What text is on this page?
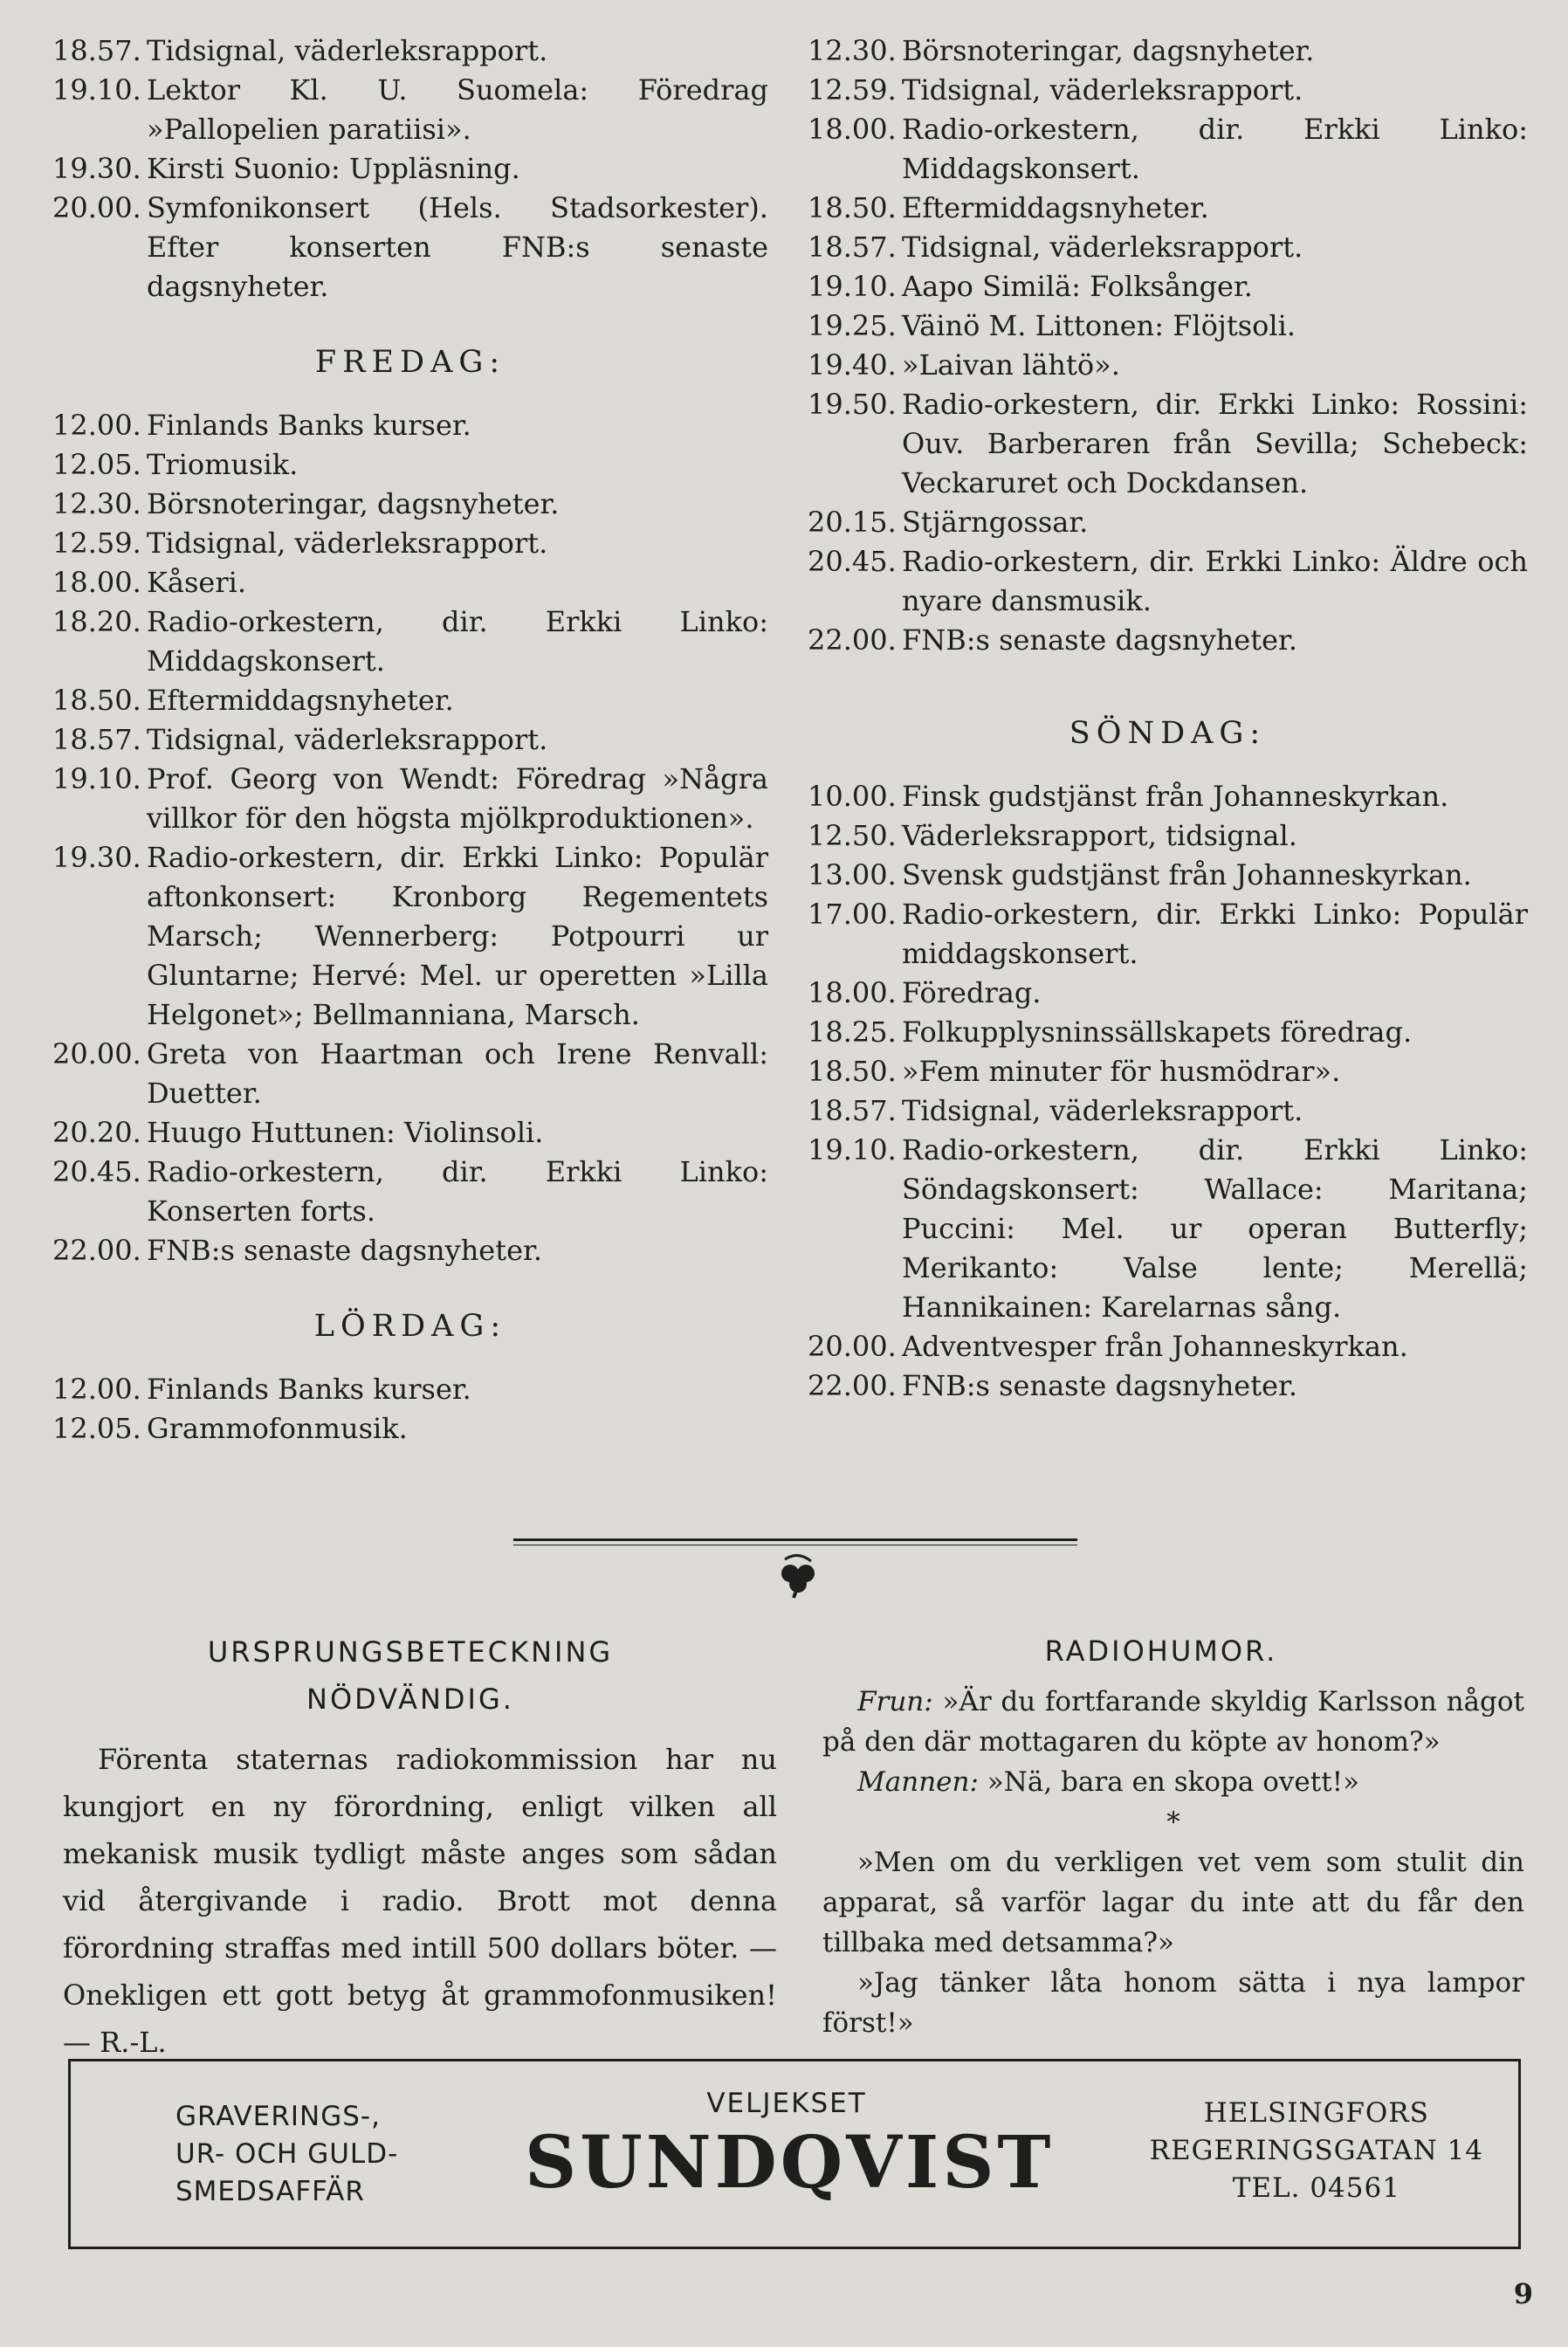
18.57. Tidsignal, väderleksrapport.
19.10. Lektor Kl. U. Suomela: Föredrag »Pallopelien paratiisi».
19.30. Kirsti Suonio: Uppläsning.
20.00. Symfonikonsert (Hels. Stadsorkester). Efter konserten FNB:s senaste dagsnyheter.
FREDAG:
12.00. Finlands Banks kurser.
12.05. Triomusik.
12.30. Börsnoteringar, dagsnyheter.
12.59. Tidsignal, väderleksrapport.
18.00. Kåseri.
18.20. Radio-orkestern, dir. Erkki Linko: Middagskonsert.
18.50. Eftermiddagsnyheter.
18.57. Tidsignal, väderleksrapport.
19.10. Prof. Georg von Wendt: Föredrag »Några villkor för den högsta mjölkproduktionen».
19.30. Radio-orkestern, dir. Erkki Linko: Populär aftonkonsert: Kronborg Regementets Marsch; Wennerberg: Potpourri ur Gluntarne; Hervé: Mel. ur operetten »Lilla Helgonet»; Bellmanniana, Marsch.
20.00. Greta von Haartman och Irene Renvall: Duetter.
20.20. Huugo Huttunen: Violinsoli.
20.45. Radio-orkestern, dir. Erkki Linko: Konserten forts.
22.00. FNB:s senaste dagsnyheter.
LÖRDAG:
12.00. Finlands Banks kurser.
12.05. Grammofonmusik.
12.30. Börsnoteringar, dagsnyheter.
12.59. Tidsignal, väderleksrapport.
18.00. Radio-orkestern, dir. Erkki Linko: Middagskonsert.
18.50. Eftermiddagsnyheter.
18.57. Tidsignal, väderleksrapport.
19.10. Aapo Similä: Folksånger.
19.25. Väinö M. Littonen: Flöjtsoli.
19.40. »Laivan lähtö».
19.50. Radio-orkestern, dir. Erkki Linko: Rossini: Ouv. Barberaren från Sevilla; Schebeck: Veckaruret och Dockdansen.
20.15. Stjärngossar.
20.45. Radio-orkestern, dir. Erkki Linko: Äldre och nyare dansmusik.
22.00. FNB:s senaste dagsnyheter.
SÖNDAG:
10.00. Finsk gudstjänst från Johanneskyrkan.
12.50. Väderleksrapport, tidsignal.
13.00. Svensk gudstjänst från Johanneskyrkan.
17.00. Radio-orkestern, dir. Erkki Linko: Populär middagskonsert.
18.00. Föredrag.
18.25. Folkupplysninssällskapets föredrag.
18.50. »Fem minuter för husmödrar».
18.57. Tidsignal, väderleksrapport.
19.10. Radio-orkestern, dir. Erkki Linko: Söndagskonsert: Wallace: Maritana; Puccini: Mel. ur operan Butterfly; Merikanto: Valse lente; Merellä; Hannikainen: Karelarnas sång.
20.00. Adventvesper från Johanneskyrkan.
22.00. FNB:s senaste dagsnyheter.
URSPRUNGSBETECKNING NÖDVÄNDIG.

Förenta staternas radiokommission har nu kungjort en ny förordning, enligt vilken all mekanisk musik tydligt måste anges som sådan vid återgivande i radio. Brott mot denna förordning straffas med intill 500 dollars böter. — Onekligen ett gott betyg åt grammofonmusiken! — R.-L.

RADIOHUMOR.

Frun: »Är du fortfarande skyldig Karlsson något på den där mottagaren du köpte av honom?»

Mannen: »Nä, bara en skopa ovett!»

*

»Men om du verkligen vet vem som stulit din apparat, så varför lagar du inte att du får den tillbaka med detsamma?»

»Jag tänker låta honom sätta i nya lampor först!»

GRAVERINGS-,
UR- OCH GULD-
SMEDSAFFÄR
VELJEKSET
SUNDQVIST
HELSINGFORS
REGERINGSGATAN 14
TEL. 04561
9
